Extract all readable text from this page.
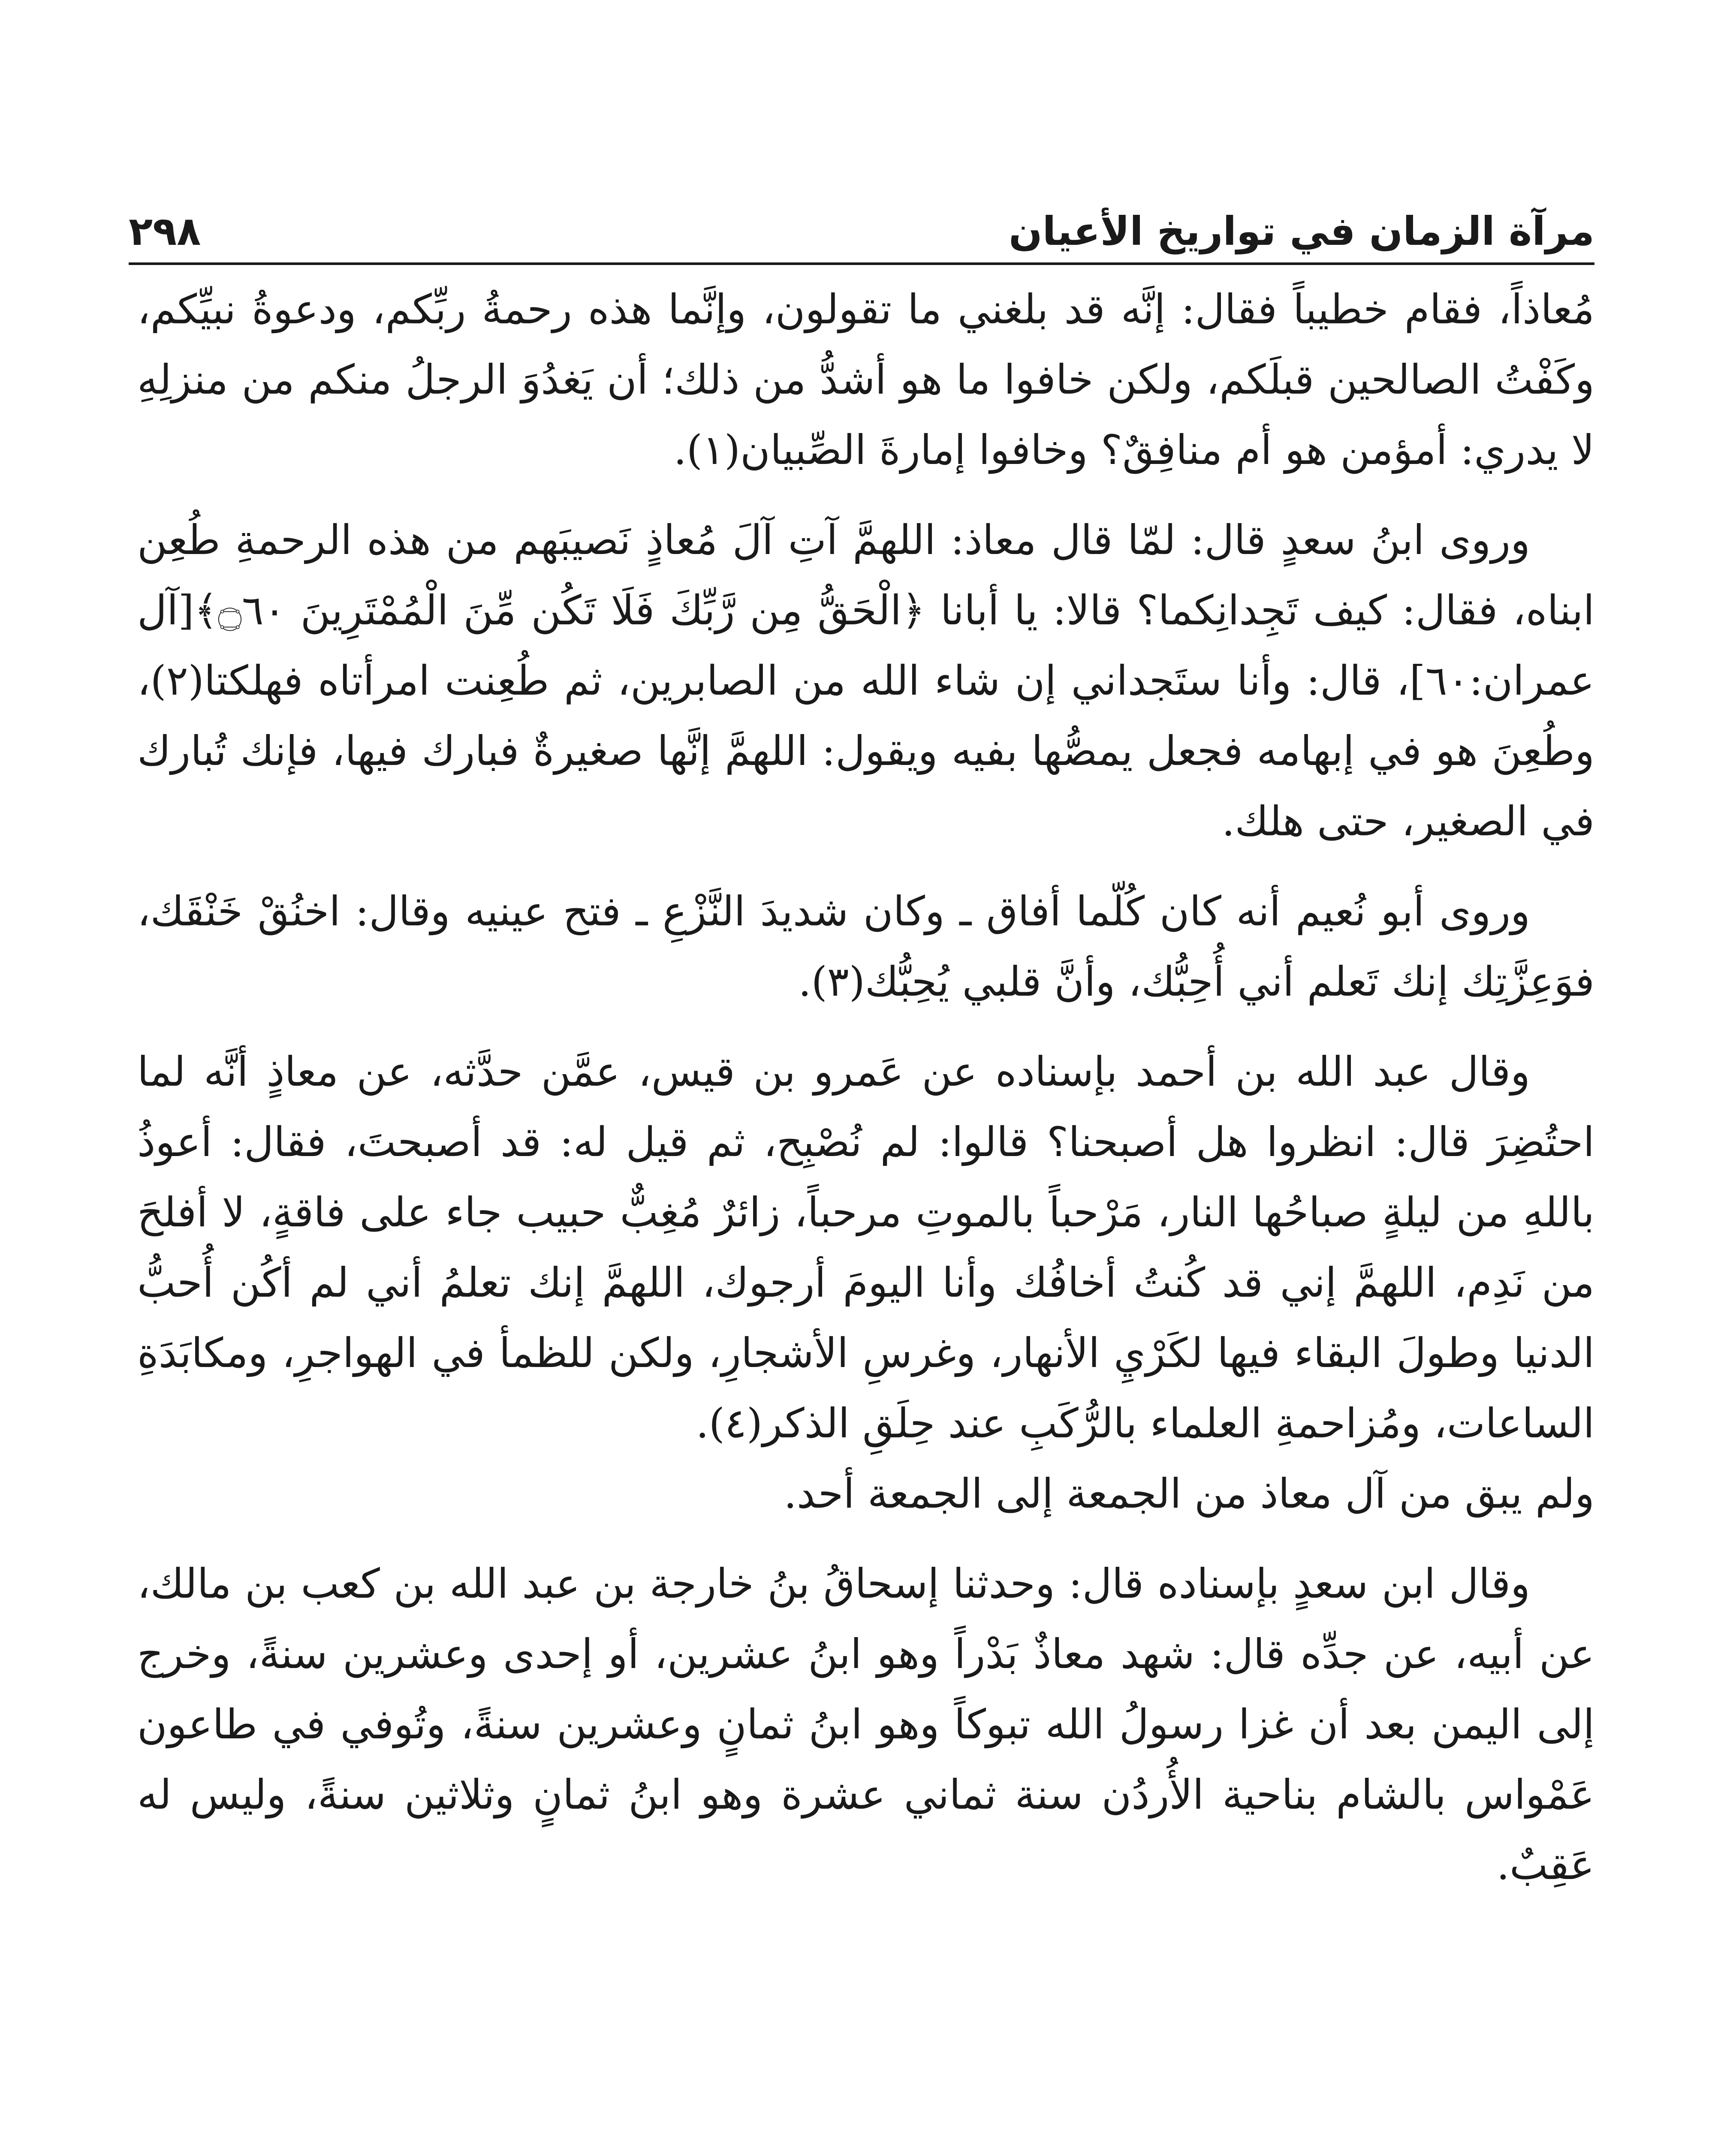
مرآة الزمان في تواريخ الأعيان
٢٩٨

مُعاذاً، فقام خطيباً فقال: إنَّه قد بلغني ما تقولون، وإنَّما هذه رحمةُ ربِّكم، ودعوةُ نبيِّكم، وكَفْتُ الصالحين قبلَكم، ولكن خافوا ما هو أشدُّ من ذلك؛ أن يَغدُوَ الرجلُ منكم من منزلِهِ لا يدري: أمؤمن هو أم منافِقٌ؟ وخافوا إمارةَ الصِّبيان(١).

وروى ابنُ سعدٍ قال: لمّا قال معاذ: اللهمَّ آتِ آلَ مُعاذٍ نَصيبَهم من هذه الرحمةِ طُعِن ابناه، فقال: كيف تَجِدانِكما؟ قالا: يا أبانا ﴿الْحَقُّ مِن رَّبِّكَ فَلَا تَكُن مِّنَ الْمُمْتَرِينَ ۝٦٠﴾[آل عمران:٦٠]، قال: وأنا ستَجداني إن شاء الله من الصابرين، ثم طُعِنت امرأتاه فهلكتا(٢)، وطُعِنَ هو في إبهامه فجعل يمصُّها بفيه ويقول: اللهمَّ إنَّها صغيرةٌ فبارك فيها، فإنك تُبارك في الصغير، حتى هلك.

وروى أبو نُعيم أنه كان كُلّما أفاق ـ وكان شديدَ النَّزْعِ ـ فتح عينيه وقال: اخنُقْ خَنْقَك، فوَعِزَّتِك إنك تَعلم أني أُحِبُّك، وأنَّ قلبي يُحِبُّك(٣).

وقال عبد الله بن أحمد بإسناده عن عَمرو بن قيس، عمَّن حدَّثه، عن معاذٍ أنَّه لما احتُضِرَ قال: انظروا هل أصبحنا؟ قالوا: لم نُصْبِح، ثم قيل له: قد أصبحتَ، فقال: أعوذُ باللهِ من ليلةٍ صباحُها النار، مَرْحباً بالموتِ مرحباً، زائرٌ مُغِبٌّ حبيب جاء على فاقةٍ، لا أفلحَ من نَدِم، اللهمَّ إني قد كُنتُ أخافُك وأنا اليومَ أرجوك، اللهمَّ إنك تعلمُ أني لم أكُن أُحبُّ الدنيا وطولَ البقاء فيها لكَرْيِ الأنهار، وغرسِ الأشجارِ، ولكن للظمأ في الهواجرِ، ومكابَدَةِ الساعات، ومُزاحمةِ العلماء بالرُّكَبِ عند حِلَقِ الذكر(٤).

ولم يبق من آل معاذ من الجمعة إلى الجمعة أحد.

وقال ابن سعدٍ بإسناده قال: وحدثنا إسحاقُ بنُ خارجة بن عبد الله بن كعب بن مالك، عن أبيه، عن جدِّه قال: شهد معاذٌ بَدْراً وهو ابنُ عشرين، أو إحدى وعشرين سنةً، وخرج إلى اليمن بعد أن غزا رسولُ الله تبوكاً وهو ابنُ ثمانٍ وعشرين سنةً، وتُوفي في طاعون عَمْواس بالشام بناحية الأُردُن سنة ثماني عشرة وهو ابنُ ثمانٍ وثلاثين سنةً، وليس له عَقِبٌ.
